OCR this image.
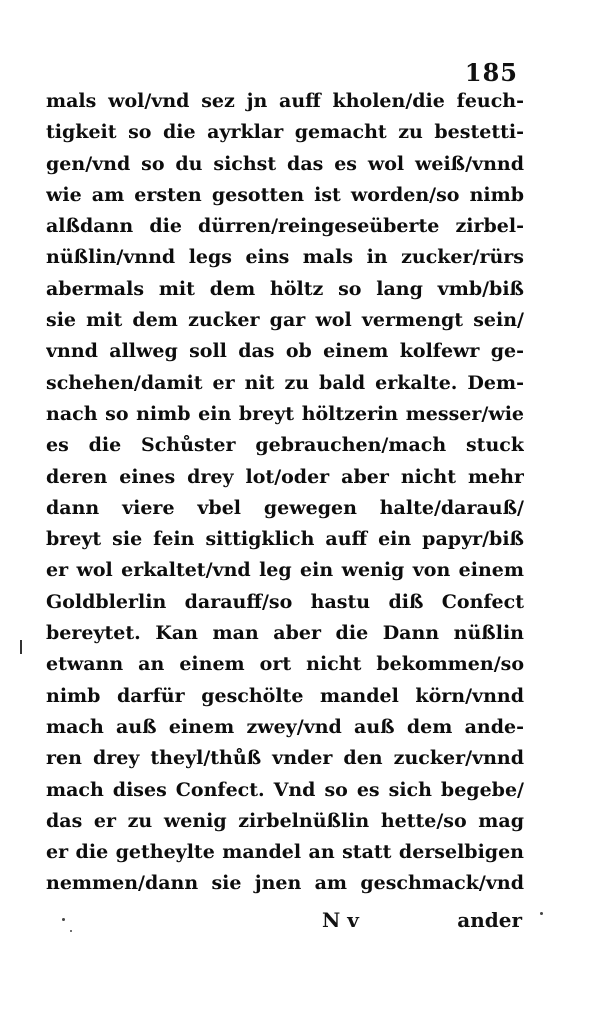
185
mals wol/vnd sez jn auff kholen/die feuch-
tigkeit so die ayrklar gemacht zu bestetti-
gen/vnd so du sichst das es wol weiß/vnnd
wie am ersten gesotten ist worden/so nimb
alßdann die dürren/reingeseüberte zirbel-
nüßlin/vnnd legs eins mals in zucker/rürs
abermals mit dem höltz so lang vmb/biß
sie mit dem zucker gar wol vermengt sein/
vnnd allweg soll das ob einem kolfewr ge-
schehen/damit er nit zu bald erkalte. Dem-
nach so nimb ein breyt höltzerin messer/wie
es die Schůster gebrauchen/mach stuck
deren eines drey lot/oder aber nicht mehr
dann viere vbel gewegen halte/darauß/
breyt sie fein sittigklich auff ein papyr/biß
er wol erkaltet/vnd leg ein wenig von einem
Goldblerlin darauff/so hastu diß Confect
bereytet. Kan man aber die Dann nüßlin
etwann an einem ort nicht bekommen/so
nimb darfür geschölte mandel körn/vnnd
mach auß einem zwey/vnd auß dem ande-
ren drey theyl/thůß vnder den zucker/vnnd
mach dises Confect. Vnd so es sich begebe/
das er zu wenig zirbelnüßlin hette/so mag
er die getheylte mandel an statt derselbigen
nemmen/dann sie jnen am geschmack/vnd
N v	ander
